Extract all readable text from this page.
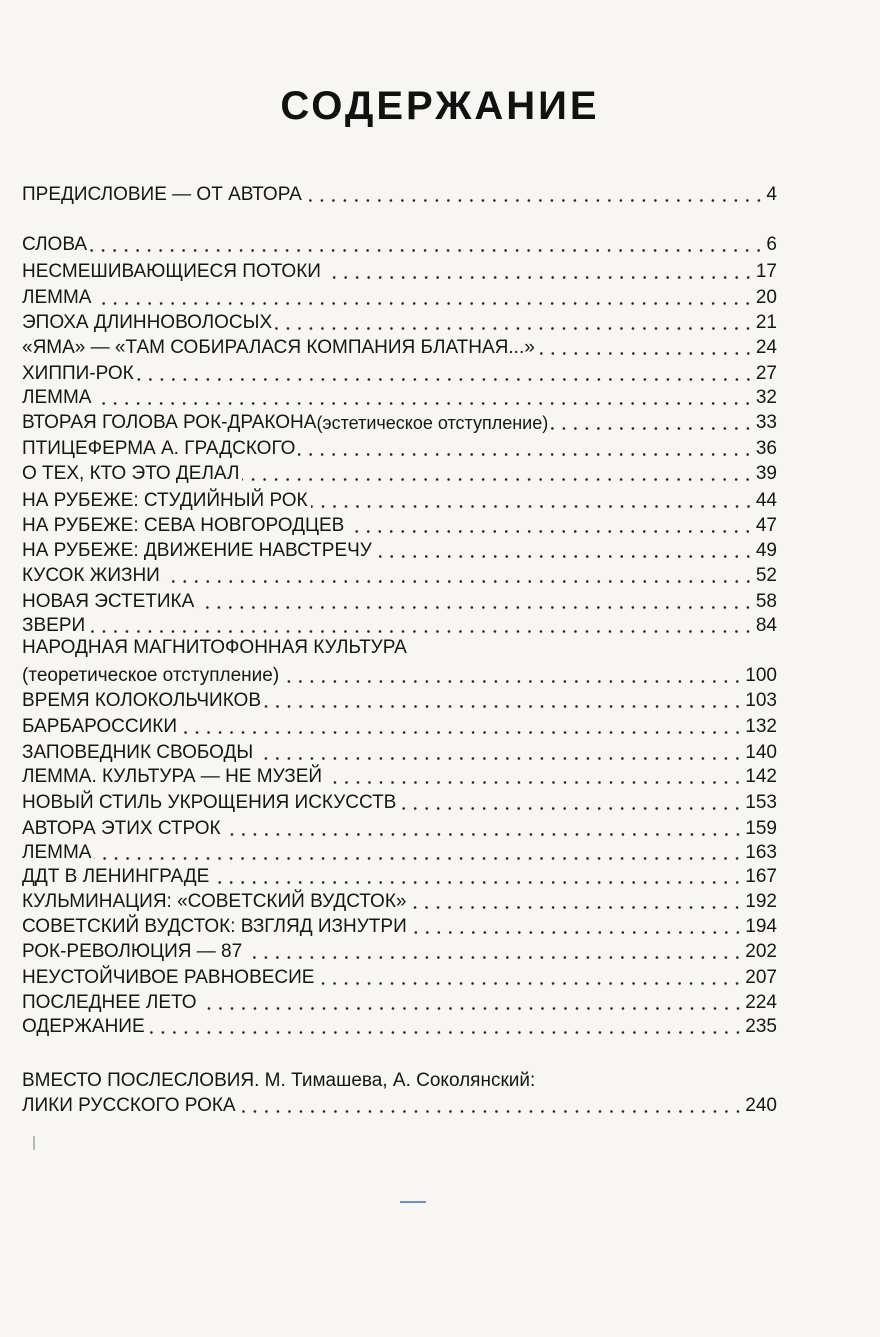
СОДЕРЖАНИЕ
ПРЕДИСЛОВИЕ — ОТ АВТОРА	4
СЛОВА	6
НЕСМЕШИВАЮЩИЕСЯ ПОТОКИ	17
ЛЕММА	20
ЭПОХА ДЛИННОВОЛОСЫХ	21
«ЯМА» — «ТАМ СОБИРАЛАСЯ КОМПАНИЯ БЛАТНАЯ...»	24
ХИППИ-РОК	27
ЛЕММА	32
ВТОРАЯ ГОЛОВА РОК-ДРАКОНА (эстетическое отступление)	33
ПТИЦЕФЕРМА А. ГРАДСКОГО	36
О ТЕХ, КТО ЭТО ДЕЛАЛ	39
НА РУБЕЖЕ: СТУДИЙНЫЙ РОК	44
НА РУБЕЖЕ: СЕВА НОВГОРОДЦЕВ	47
НА РУБЕЖЕ: ДВИЖЕНИЕ НАВСТРЕЧУ	49
КУСОК ЖИЗНИ	52
НОВАЯ ЭСТЕТИКА	58
ЗВЕРИ	84
НАРОДНАЯ МАГНИТОФОННАЯ КУЛЬТУРА
(теоретическое отступление)	100
ВРЕМЯ КОЛОКОЛЬЧИКОВ	103
БАРБАРОССИКИ	132
ЗАПОВЕДНИК СВОБОДЫ	140
ЛЕММА. КУЛЬТУРА — НЕ МУЗЕЙ	142
НОВЫЙ СТИЛЬ УКРОЩЕНИЯ ИСКУССТВ	153
АВТОРА ЭТИХ СТРОК	159
ЛЕММА	163
ДДТ В ЛЕНИНГРАДЕ	167
КУЛЬМИНАЦИЯ: «СОВЕТСКИЙ ВУДСТОК»	192
СОВЕТСКИЙ ВУДСТОК: ВЗГЛЯД ИЗНУТРИ	194
РОК-РЕВОЛЮЦИЯ — 87	202
НЕУСТОЙЧИВОЕ РАВНОВЕСИЕ	207
ПОСЛЕДНЕЕ ЛЕТО	224
ОДЕРЖАНИЕ	235
ВМЕСТО ПОСЛЕСЛОВИЯ. М. Тимашева, А. Соколянский:
ЛИКИ РУССКОГО РОКА	240
